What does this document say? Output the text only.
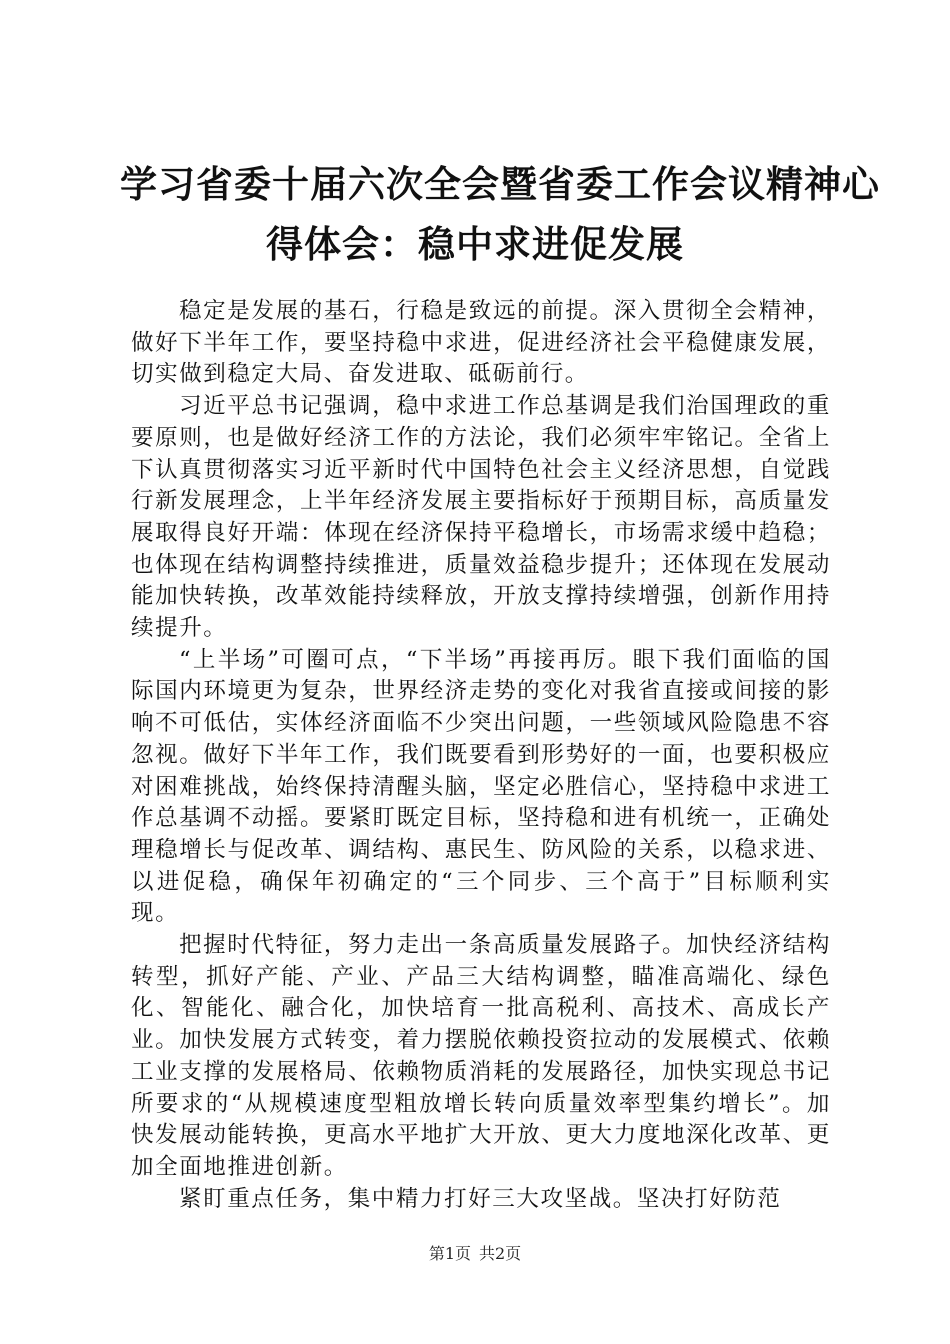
学习省委十届六次全会暨省委工作会议精神心
得体会：稳中求进促发展

稳定是发展的基石，行稳是致远的前提。深入贯彻全会精神，做好下半年工作，要坚持稳中求进，促进经济社会平稳健康发展，切实做到稳定大局、奋发进取、砥砺前行。

习近平总书记强调，稳中求进工作总基调是我们治国理政的重要原则，也是做好经济工作的方法论，我们必须牢牢铭记。全省上下认真贯彻落实习近平新时代中国特色社会主义经济思想，自觉践行新发展理念，上半年经济发展主要指标好于预期目标，高质量发展取得良好开端：体现在经济保持平稳增长，市场需求缓中趋稳；也体现在结构调整持续推进，质量效益稳步提升；还体现在发展动能加快转换，改革效能持续释放，开放支撑持续增强，创新作用持续提升。

“上半场”可圈可点，“下半场”再接再厉。眼下我们面临的国际国内环境更为复杂，世界经济走势的变化对我省直接或间接的影响不可低估，实体经济面临不少突出问题，一些领域风险隐患不容忽视。做好下半年工作，我们既要看到形势好的一面，也要积极应对困难挑战，始终保持清醒头脑，坚定必胜信心，坚持稳中求进工作总基调不动摇。要紧盯既定目标，坚持稳和进有机统一，正确处理稳增长与促改革、调结构、惠民生、防风险的关系，以稳求进、以进促稳，确保年初确定的“三个同步、三个高于”目标顺利实现。

把握时代特征，努力走出一条高质量发展路子。加快经济结构转型，抓好产能、产业、产品三大结构调整，瞄准高端化、绿色化、智能化、融合化，加快培育一批高税利、高技术、高成长产业。加快发展方式转变，着力摆脱依赖投资拉动的发展模式、依赖工业支撑的发展格局、依赖物质消耗的发展路径，加快实现总书记所要求的“从规模速度型粗放增长转向质量效率型集约增长”。加快发展动能转换，更高水平地扩大开放、更大力度地深化改革、更加全面地推进创新。

紧盯重点任务，集中精力打好三大攻坚战。坚决打好防范

第1页 共2页
